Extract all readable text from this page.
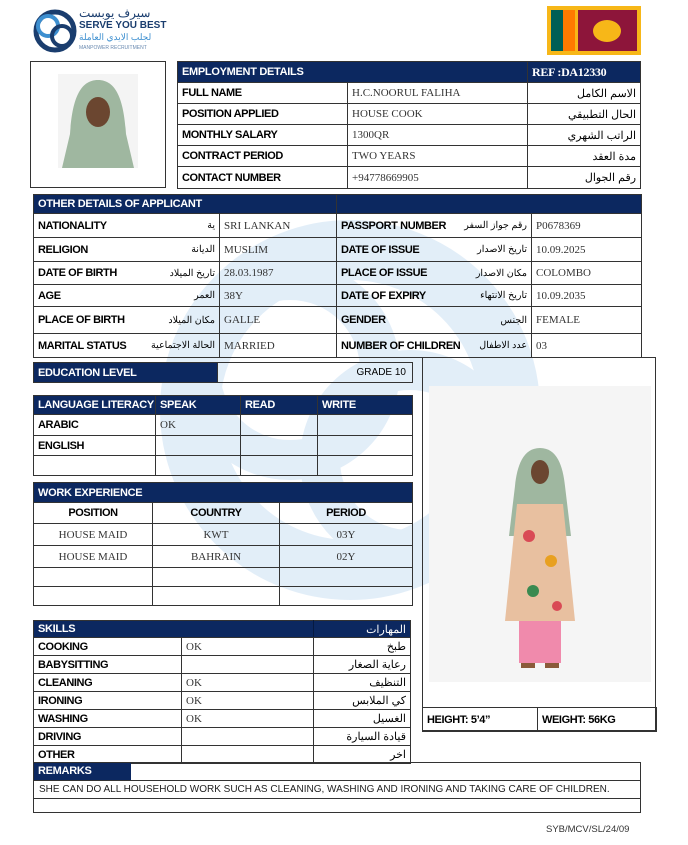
سيرف يوبست
SERVE YOU BEST
لجلب الايدي العاملة
MANPOWER RECRUITMENT
EMPLOYMENT DETAILS		REF :DA12330
FULL NAME	H.C.NOORUL FALIHA	الاسم الكامل
POSITION APPLIED	HOUSE COOK	الحال التطبيقي
MONTHLY SALARY	1300QR	الراتب الشهري
CONTRACT PERIOD	TWO YEARS	مدة العقد
CONTACT NUMBER	+94778669905	رقم الجوال
OTHER DETAILS OF APPLICANT	
NATIONALITY	ية	SRI LANKAN	PASSPORT NUMBER رقم جواز السفر	P0678369
RELIGION	الديانة	MUSLIM	DATE OF ISSUE	تاريخ الاصدار	10.09.2025
DATE OF BIRTH	تاريخ الميلاد	28.03.1987	PLACE OF ISSUE	مكان الاصدار	COLOMBO
AGE	العمر	38Y	DATE OF EXPIRY	تاريخ الانتهاء	10.09.2035
PLACE OF BIRTH	مكان الميلاد	GALLE	GENDER	الجنس	FEMALE
MARITAL STATUS	الحالة الاجتماعية	MARRIED	NUMBER OF CHILDREN عدد الاطفال	03
EDUCATION LEVEL	GRADE 10
LANGUAGE LITERACY	SPEAK	READ	WRITE
ARABIC	OK		
ENGLISH			

WORK EXPERIENCE		
POSITION	COUNTRY	PERIOD
HOUSE MAID	KWT	03Y
HOUSE MAID	BAHRAIN	02Y

HEIGHT: 5’4”	WEIGHT: 56KG
SKILLS	المهارات
COOKING	OK	طبخ
BABYSITTING		رعاية الصغار
CLEANING	OK	التنظيف
IRONING	OK	كي الملابس
WASHING	OK	الغسيل
DRIVING		قيادة السيارة
OTHER		اخر
REMARKS
SHE CAN DO ALL HOUSEHOLD WORK SUCH AS CLEANING, WASHING AND IRONING AND TAKING CARE OF CHILDREN.
SYB/MCV/SL/24/09
